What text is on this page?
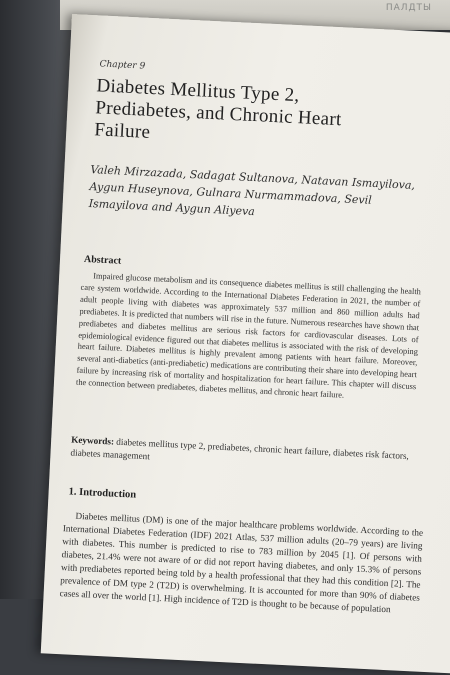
ПАЛДТЫ
Chapter 9
Diabetes Mellitus Type 2, Prediabetes, and Chronic Heart Failure
Valeh Mirzazada, Sadagat Sultanova, Natavan Ismayilova, Aygun Huseynova, Gulnara Nurmammadova, Sevil Ismayilova and Aygun Aliyeva
Abstract
Impaired glucose metabolism and its consequence diabetes mellitus is still challenging the health care system worldwide. According to the International Diabetes Federation in 2021, the number of adult people living with diabetes was approximately 537 million and 860 million adults had prediabetes. It is predicted that numbers will rise in the future. Numerous researches have shown that prediabetes and diabetes mellitus are serious risk factors for cardiovascular diseases. Lots of epidemiological evidence figured out that diabetes mellitus is associated with the risk of developing heart failure. Diabetes mellitus is highly prevalent among patients with heart failure. Moreover, several anti-diabetics (anti-prediabetic) medications are contributing their share into developing heart failure by increasing risk of mortality and hospitalization for heart failure. This chapter will discuss the connection between prediabetes, diabetes mellitus, and chronic heart failure.
Keywords: diabetes mellitus type 2, prediabetes, chronic heart failure, diabetes risk factors, diabetes management
1. Introduction
Diabetes mellitus (DM) is one of the major healthcare problems worldwide. According to the International Diabetes Federation (IDF) 2021 Atlas, 537 million adults (20–79 years) are living with diabetes. This number is predicted to rise to 783 million by 2045 [1]. Of persons with diabetes, 21.4% were not aware of or did not report having diabetes, and only 15.3% of persons with prediabetes reported being told by a health professional that they had this condition [2]. The prevalence of DM type 2 (T2D) is overwhelming. It is accounted for more than 90% of diabetes cases all over the world [1]. High incidence of T2D is thought to be because of population
